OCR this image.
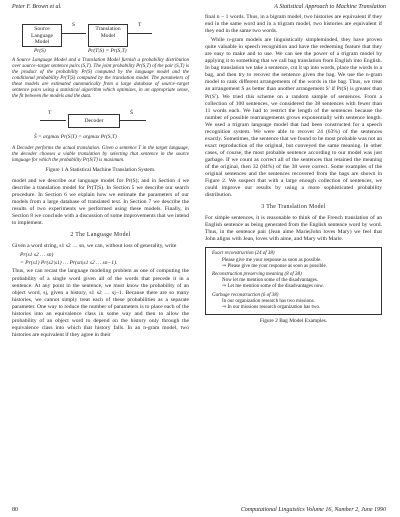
Peter F. Brown et al.	A Statistical Approach to Machine Translation
Source Language Model
S
Translation Model
T
Pr(S)	Pr(T|S) = Pr(S,T)

A Source Language Model and a Translation Model furnish a probability distribution over source–target sentence pairs (S,T). The joint probability Pr(S,T) of the pair (S,T) is the product of the probability Pr(S) computed by the language model and the conditional probability Pr(T|S) computed by the translation model. The parameters of these models are estimated automatically from a large database of source–target sentence pairs using a statistical algorithm which optimizes, in an appropriate sense, the fit between the models and the data.

T
Decoder
Ŝ
Ŝ = argmax Pr(S|T) = argmax Pr(S,T)

A Decoder performs the actual translation. Given a sentence T in the target language, the decoder chooses a viable translation by selecting that sentence in the source language for which the probability Pr(S|T) is maximum.

Figure 1 A Statistical Machine Translation System.

model and we describe our language model for Pr(S); and in Section 4 we describe a translation model for Pr(T|S). In Section 5 we describe our search procedure. In Section 6 we explain how we estimate the parameters of our models from a large database of translated text. In Section 7 we describe the results of two experiments we performed using these models. Finally, in Section 8 we conclude with a discussion of some improvements that we intend to implement.

2 The Language Model

Given a word string, s1 s2 … sn, we can, without loss of generality, write

Pr(s1 s2 … sn)

= Pr(s1) Pr(s2|s1) … Pr(sn|s1 s2 … sn−1).

Thus, we can recast the language modeling problem as one of computing the probability of a single word given all of the words that precede it in a sentence. At any point in the sentence, we must know the probability of an object word, sj, given a history, s1 s2 … sj−1. Because there are so many histories, we cannot simply treat each of these probabilities as a separate parameter. One way to reduce the number of parameters is to place each of the histories into an equivalence class in some way and then to allow the probability of an object word to depend on the history only through the equivalence class into which that history falls. In an n-gram model, two histories are equivalent if they agree in their

final n − 1 words. Thus, in a bigram model, two histories are equivalent if they end in the same word and in a trigram model, two histories are equivalent if they end in the same two words.

While n-gram models are linguistically simpleminded, they have proven quite valuable in speech recognition and have the redeeming feature that they are easy to make and to use. We can see the power of a trigram model by applying it to something that we call bag translation from English into English. In bag translation we take a sentence, cut it up into words, place the words in a bag, and then try to recover the sentence given the bag. We use the n-gram model to rank different arrangements of the words in the bag. Thus, we treat an arrangement S as better than another arrangement S′ if Pr(S) is greater than Pr(S′). We tried this scheme on a random sample of sentences. From a collection of 100 sentences, we considered the 38 sentences with fewer than 11 words each. We had to restrict the length of the sentences because the number of possible rearrangements grows exponentially with sentence length. We used a trigram language model that had been constructed for a speech recognition system. We were able to recover 24 (63%) of the sentences exactly. Sometimes, the sentence that we found to be most probable was not an exact reproduction of the original, but conveyed the same meaning. In other cases, of course, the most probable sentence according to our model was just garbage. If we count as correct all of the sentences that retained the meaning of the original, then 32 (84%) of the 38 were correct. Some examples of the original sentences and the sentences recovered from the bags are shown in Figure 2. We suspect that with a large enough collection of sentences, we could improve our results by using a more sophisticated probability distribution.

3 The Translation Model

For simple sentences, it is reasonable to think of the French translation of an English sentence as being generated from the English sentence word by word. Thus, in the sentence pair (Jean aime Marie|John loves Mary) we feel that John aligns with Jean, loves with aime, and Mary with Marie.

Exact reconstruction (24 of 38)
Please give me your response as soon as possible.
⇒ Please give me your response as soon as possible.
Reconstruction preserving meaning (8 of 38)
Now let me mention some of the disadvantages.
⇒ Let me mention some of the disadvantages now.
Garbage reconstruction (6 of 38)
In our organization research has two missions.
⇒ In our missions research organization has two.

Figure 2 Bag Model Examples.

80	Computational Linguistics Volume 16, Number 2, June 1990
